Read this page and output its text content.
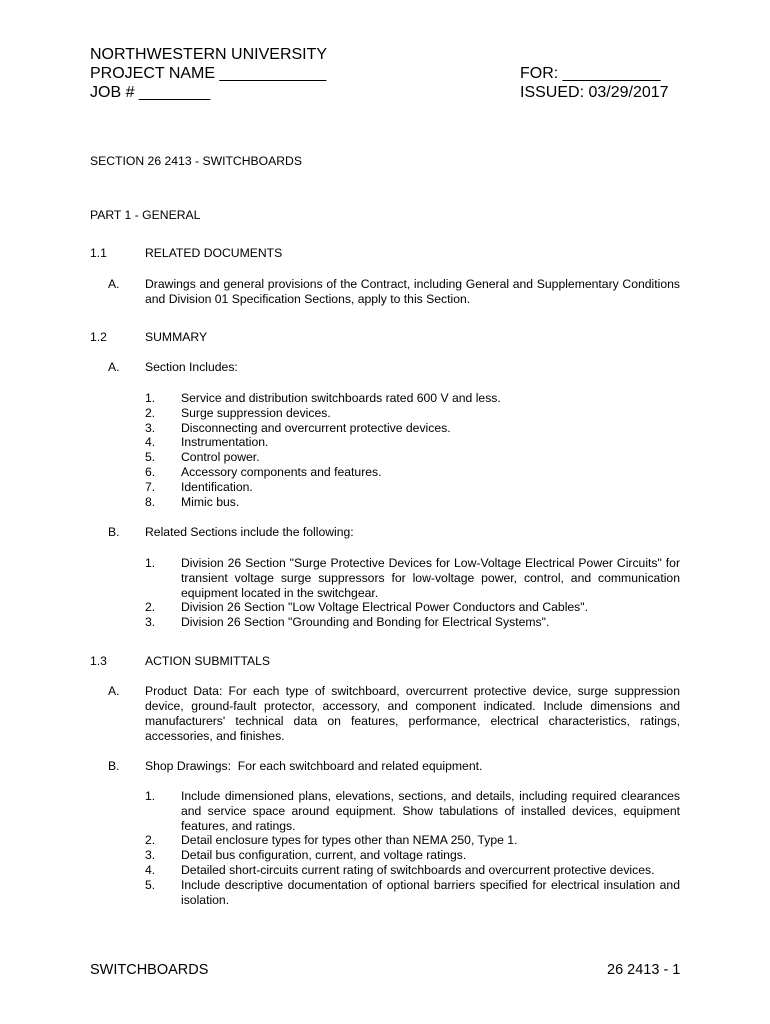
NORTHWESTERN UNIVERSITY
PROJECT NAME ____________
JOB # ________
FOR: ___________
ISSUED: 03/29/2017
SECTION 26 2413 - SWITCHBOARDS
PART 1 - GENERAL
1.1	RELATED DOCUMENTS
A. Drawings and general provisions of the Contract, including General and Supplementary Conditions and Division 01 Specification Sections, apply to this Section.
1.2	SUMMARY
A. Section Includes:
1. Service and distribution switchboards rated 600 V and less.
2. Surge suppression devices.
3. Disconnecting and overcurrent protective devices.
4. Instrumentation.
5. Control power.
6. Accessory components and features.
7. Identification.
8. Mimic bus.
B. Related Sections include the following:
1. Division 26 Section "Surge Protective Devices for Low-Voltage Electrical Power Circuits" for transient voltage surge suppressors for low-voltage power, control, and communication equipment located in the switchgear.
2. Division 26 Section "Low Voltage Electrical Power Conductors and Cables".
3. Division 26 Section "Grounding and Bonding for Electrical Systems".
1.3	ACTION SUBMITTALS
A. Product Data: For each type of switchboard, overcurrent protective device, surge suppression device, ground-fault protector, accessory, and component indicated. Include dimensions and manufacturers' technical data on features, performance, electrical characteristics, ratings, accessories, and finishes.
B. Shop Drawings:  For each switchboard and related equipment.
1. Include dimensioned plans, elevations, sections, and details, including required clearances and service space around equipment. Show tabulations of installed devices, equipment features, and ratings.
2. Detail enclosure types for types other than NEMA 250, Type 1.
3. Detail bus configuration, current, and voltage ratings.
4. Detailed short-circuits current rating of switchboards and overcurrent protective devices.
5. Include descriptive documentation of optional barriers specified for electrical insulation and isolation.
SWITCHBOARDS	26 2413 - 1
